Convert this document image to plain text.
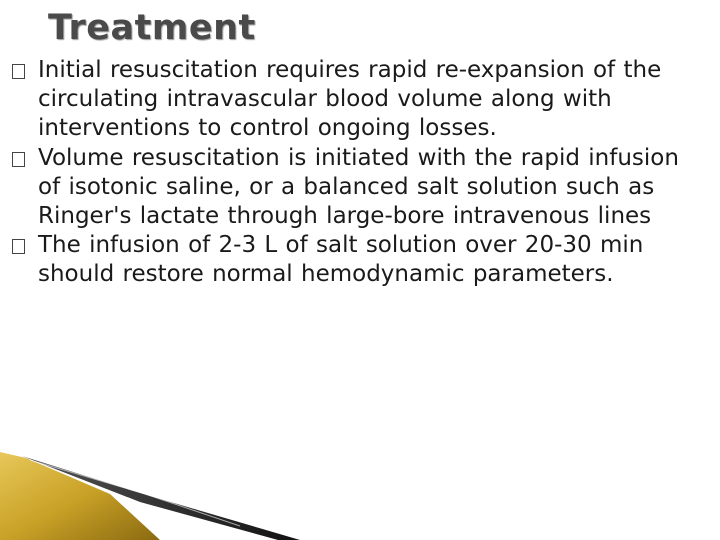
Treatment
Initial resuscitation requires rapid re-expansion of the circulating intravascular blood volume along with interventions to control ongoing losses.
Volume resuscitation is initiated with the rapid infusion of isotonic saline, or a balanced salt solution such as Ringer's lactate through large-bore intravenous lines
The infusion of 2-3 L of salt solution over 20-30 min should restore normal hemodynamic parameters.
